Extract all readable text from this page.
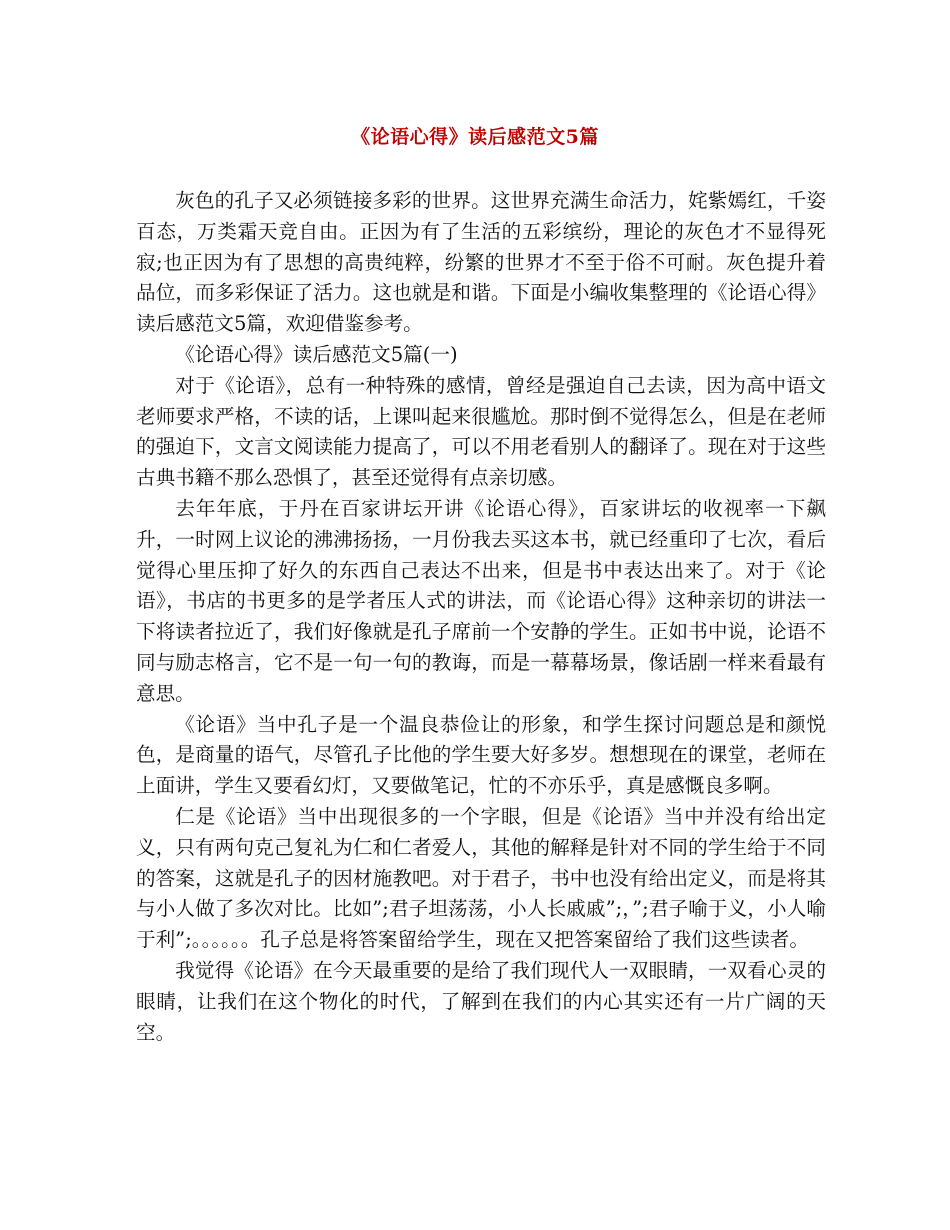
《论语心得》读后感范文5篇

灰色的孔子又必须链接多彩的世界。这世界充满生命活力，姹紫嫣红，千姿百态，万类霜天竞自由。正因为有了生活的五彩缤纷，理论的灰色才不显得死寂;也正因为有了思想的高贵纯粹，纷繁的世界才不至于俗不可耐。灰色提升着品位，而多彩保证了活力。这也就是和谐。下面是小编收集整理的《论语心得》读后感范文5篇，欢迎借鉴参考。

《论语心得》读后感范文5篇(一)

对于《论语》，总有一种特殊的感情，曾经是强迫自己去读，因为高中语文老师要求严格，不读的话，上课叫起来很尴尬。那时倒不觉得怎么，但是在老师的强迫下，文言文阅读能力提高了，可以不用老看别人的翻译了。现在对于这些古典书籍不那么恐惧了，甚至还觉得有点亲切感。

去年年底，于丹在百家讲坛开讲《论语心得》，百家讲坛的收视率一下飙升，一时网上议论的沸沸扬扬，一月份我去买这本书，就已经重印了七次，看后觉得心里压抑了好久的东西自己表达不出来，但是书中表达出来了。对于《论语》，书店的书更多的是学者压人式的讲法，而《论语心得》这种亲切的讲法一下将读者拉近了，我们好像就是孔子席前一个安静的学生。正如书中说，论语不同与励志格言，它不是一句一句的教诲，而是一幕幕场景，像话剧一样来看最有意思。

《论语》当中孔子是一个温良恭俭让的形象，和学生探讨问题总是和颜悦色，是商量的语气，尽管孔子比他的学生要大好多岁。想想现在的课堂，老师在上面讲，学生又要看幻灯，又要做笔记，忙的不亦乐乎，真是感慨良多啊。

仁是《论语》当中出现很多的一个字眼，但是《论语》当中并没有给出定义，只有两句克己复礼为仁和仁者爱人，其他的解释是针对不同的学生给于不同的答案，这就是孔子的因材施教吧。对于君子，书中也没有给出定义，而是将其与小人做了多次对比。比如”;君子坦荡荡，小人长戚戚”;，”;君子喻于义，小人喻于利”;。。。。。。孔子总是将答案留给学生，现在又把答案留给了我们这些读者。

我觉得《论语》在今天最重要的是给了我们现代人一双眼睛，一双看心灵的眼睛，让我们在这个物化的时代，了解到在我们的内心其实还有一片广阔的天空。
